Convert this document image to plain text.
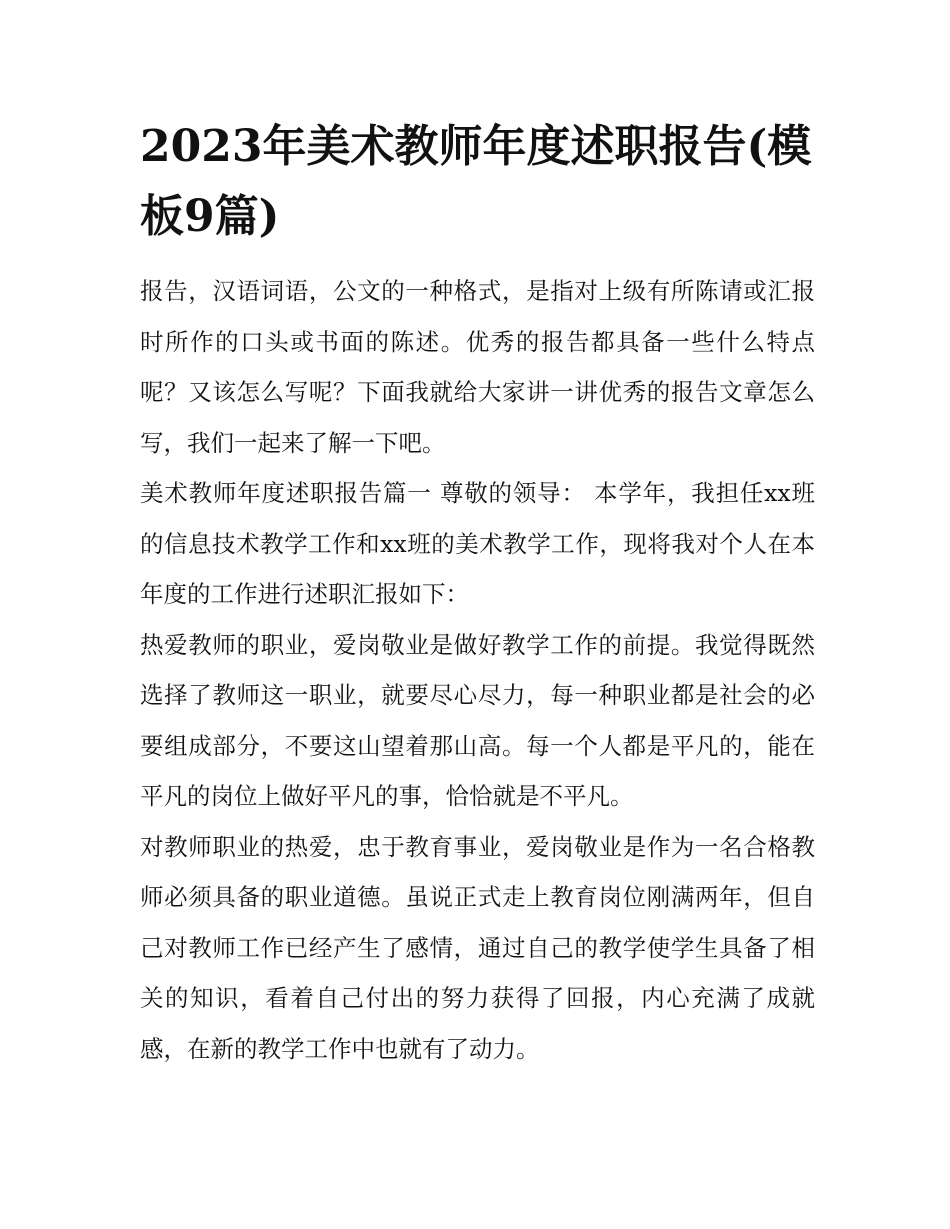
2023年美术教师年度述职报告(模板9篇)

报告，汉语词语，公文的一种格式，是指对上级有所陈请或汇报时所作的口头或书面的陈述。优秀的报告都具备一些什么特点呢？又该怎么写呢？下面我就给大家讲一讲优秀的报告文章怎么写，我们一起来了解一下吧。

美术教师年度述职报告篇一 尊敬的领导： 本学年，我担任xx班的信息技术教学工作和xx班的美术教学工作，现将我对个人在本年度的工作进行述职汇报如下：

热爱教师的职业，爱岗敬业是做好教学工作的前提。我觉得既然选择了教师这一职业，就要尽心尽力，每一种职业都是社会的必要组成部分，不要这山望着那山高。每一个人都是平凡的，能在平凡的岗位上做好平凡的事，恰恰就是不平凡。

对教师职业的热爱，忠于教育事业，爱岗敬业是作为一名合格教师必须具备的职业道德。虽说正式走上教育岗位刚满两年，但自己对教师工作已经产生了感情，通过自己的教学使学生具备了相关的知识，看着自己付出的努力获得了回报，内心充满了成就感，在新的教学工作中也就有了动力。
